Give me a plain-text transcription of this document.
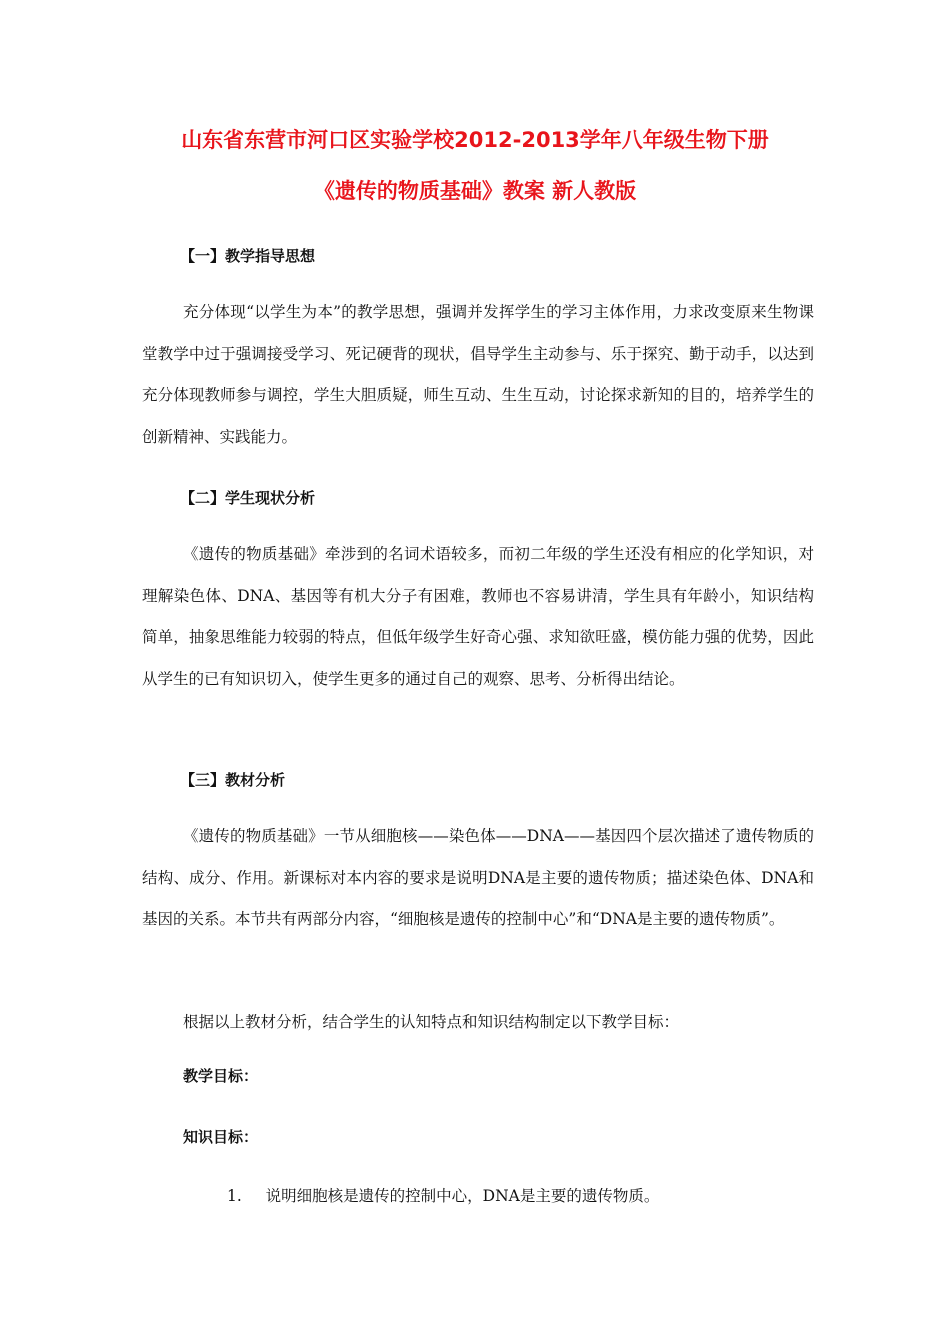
山东省东营市河口区实验学校2012-2013学年八年级生物下册
《遗传的物质基础》教案 新人教版
【一】教学指导思想
充分体现“以学生为本”的教学思想，强调并发挥学生的学习主体作用，力求改变原来生物课堂教学中过于强调接受学习、死记硬背的现状，倡导学生主动参与、乐于探究、勤于动手，以达到充分体现教师参与调控，学生大胆质疑，师生互动、生生互动，讨论探求新知的目的，培养学生的创新精神、实践能力。
【二】学生现状分析
《遗传的物质基础》牵涉到的名词术语较多，而初二年级的学生还没有相应的化学知识，对理解染色体、DNA、基因等有机大分子有困难，教师也不容易讲清，学生具有年龄小，知识结构简单，抽象思维能力较弱的特点，但低年级学生好奇心强、求知欲旺盛，模仿能力强的优势，因此从学生的已有知识切入，使学生更多的通过自己的观察、思考、分析得出结论。
【三】教材分析
《遗传的物质基础》一节从细胞核——染色体——DNA——基因四个层次描述了遗传物质的结构、成分、作用。新课标对本内容的要求是说明DNA是主要的遗传物质；描述染色体、DNA和基因的关系。本节共有两部分内容，“细胞核是遗传的控制中心”和“DNA是主要的遗传物质”。
根据以上教材分析，结合学生的认知特点和知识结构制定以下教学目标：
教学目标：
知识目标：
1. 说明细胞核是遗传的控制中心，DNA是主要的遗传物质。
